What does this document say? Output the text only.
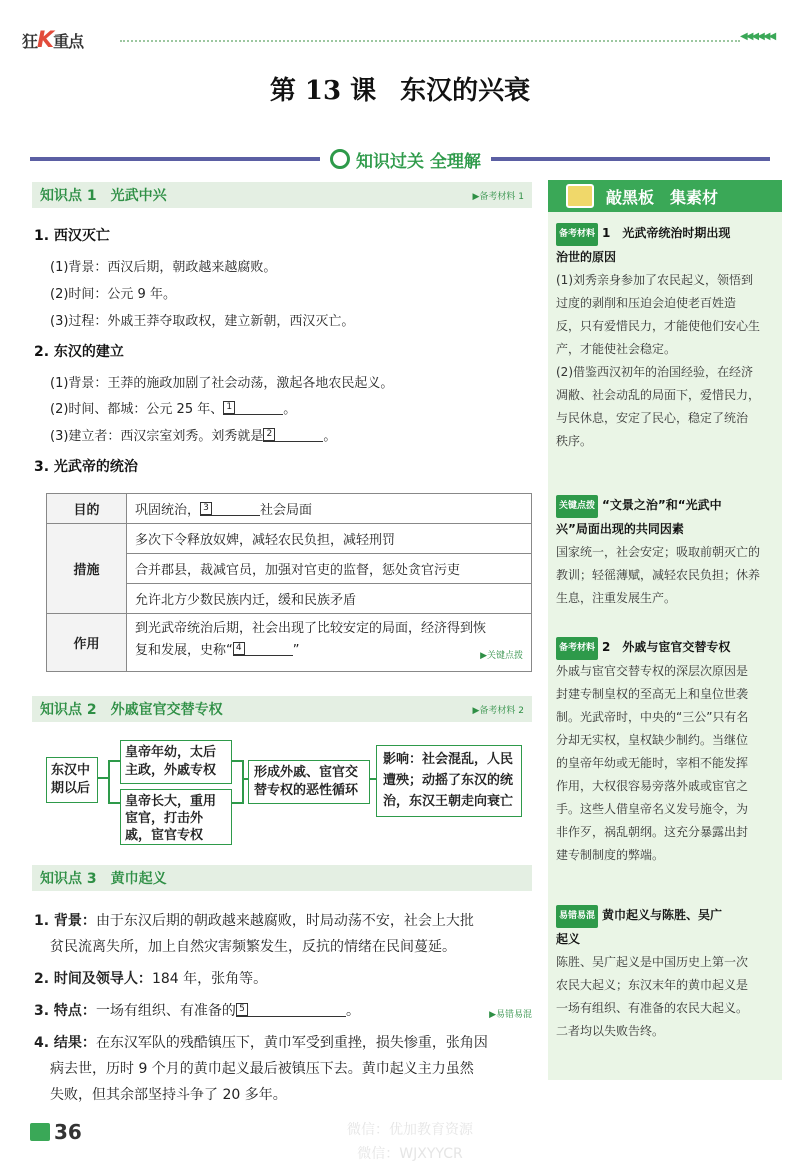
狂K重点	◀◀◀◀◀◀
第 13 课 东汉的兴衰
知识过关 全理解
知识点 1　光武中兴	▶备考材料 1
1. 西汉灭亡
(1)背景：西汉后期，朝政越来越腐败。
(2)时间：公元 9 年。
(3)过程：外戚王莽夺取政权，建立新朝，西汉灭亡。
2. 东汉的建立
(1)背景：王莽的施政加剧了社会动荡，激起各地农民起义。
(2)时间、都城：公元 25 年、 1	。
(3)建立者：西汉宗室刘秀。刘秀就是 2	。
3. 光武帝的统治
目的	巩固统治， 3 社会局面
措施	多次下令释放奴婢，减轻农民负担，减轻刑罚
	合并郡县，裁减官员，加强对官吏的监督，惩处贪官污吏
	允许北方少数民族内迁，缓和民族矛盾
作用	到光武帝统治后期，社会出现了比较安定的局面，经济得到恢
复和发展，史称“ 4 ” ▶关键点拨
知识点 2　外戚宦官交替专权	▶备考材料 2
东汉中期以后
皇帝年幼，太后主政，外戚专权
皇帝长大，重用宦官，打击外戚，宦官专权
形成外戚、宦官交替专权的恶性循环
影响：社会混乱，人民遭殃；动摇了东汉的统治，东汉王朝走向衰亡
知识点 3　黄巾起义
1. 背景：由于东汉后期的朝政越来越腐败，时局动荡不安，社会上大批
贫民流离失所，加上自然灾害频繁发生，反抗的情绪在民间蔓延。
2. 时间及领导人：184 年，张角等。
3. 特点：一场有组织、有准备的 5	。	▶易错易混
4. 结果：在东汉军队的残酷镇压下，黄巾军受到重挫，损失惨重，张角因
病去世，历时 9 个月的黄巾起义最后被镇压下去。黄巾起义主力虽然
失败，但其余部坚持斗争了 20 多年。
敲黑板　集素材
备考材料 1　光武帝统治时期出现
治世的原因
(1)刘秀亲身参加了农民起义，领悟到
过度的剥削和压迫会迫使老百姓造
反，只有爱惜民力，才能使他们安心生
产，才能使社会稳定。
(2)借鉴西汉初年的治国经验，在经济
凋敝、社会动乱的局面下，爱惜民力，
与民休息，安定了民心，稳定了统治
秩序。
关键点拨 “文景之治”和“光武中
兴”局面出现的共同因素
国家统一，社会安定；吸取前朝灭亡的
教训；轻徭薄赋，减轻农民负担；休养
生息，注重发展生产。
备考材料 2　外戚与宦官交替专权
外戚与宦官交替专权的深层次原因是
封建专制皇权的至高无上和皇位世袭
制。光武帝时，中央的“三公”只有名
分却无实权，皇权缺少制约。当继位
的皇帝年幼或无能时，宰相不能发挥
作用，大权很容易旁落外戚或宦官之
手。这些人借皇帝名义发号施令，为
非作歹，祸乱朝纲。这充分暴露出封
建专制制度的弊端。
易错易混 黄巾起义与陈胜、吴广
起义
陈胜、吴广起义是中国历史上第一次
农民大起义；东汉末年的黄巾起义是
一场有组织、有准备的农民大起义。
二者均以失败告终。
36	微信：优加教育资源
微信：WJXYYCR
